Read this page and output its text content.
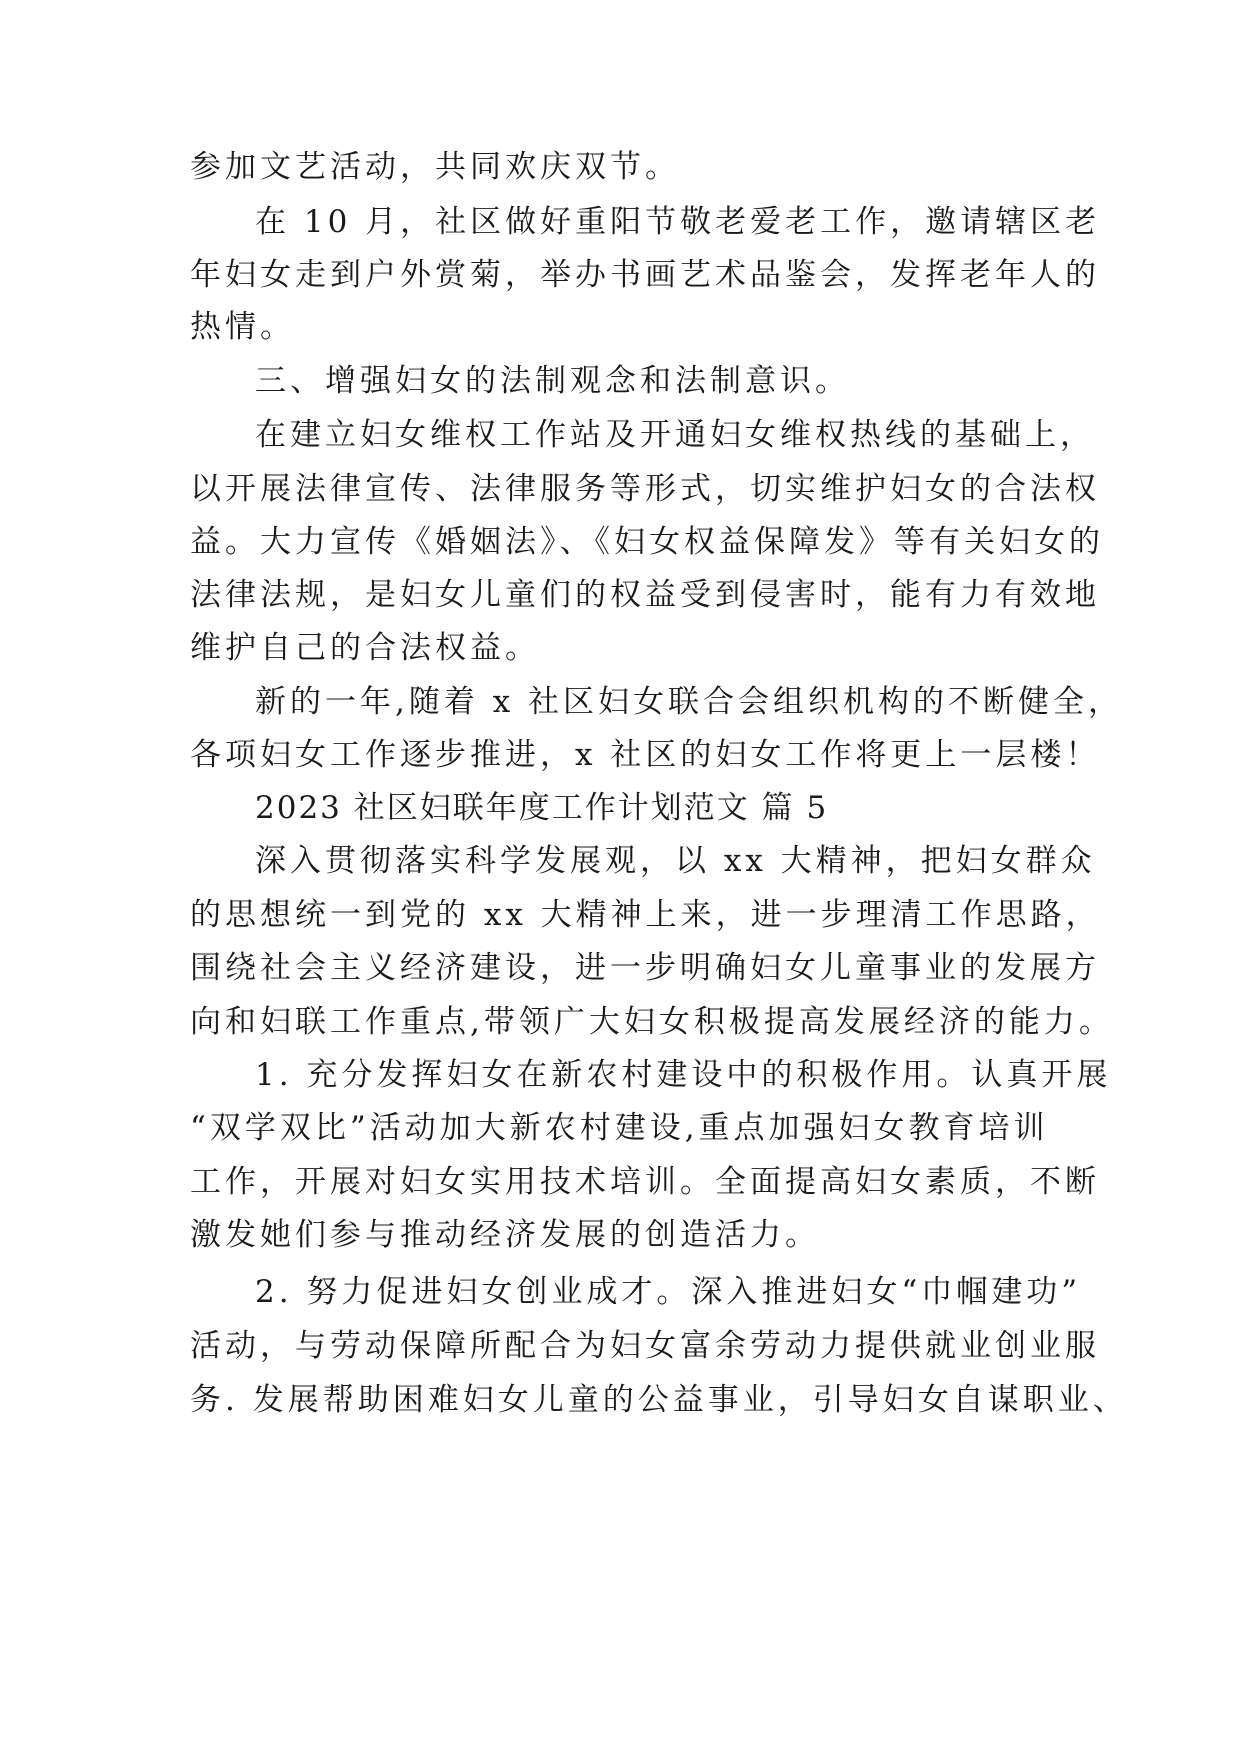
参加文艺活动，共同欢庆双节。
在 10 月，社区做好重阳节敬老爱老工作，邀请辖区老
年妇女走到户外赏菊，举办书画艺术品鉴会，发挥老年人的
热情。
三、增强妇女的法制观念和法制意识。
在建立妇女维权工作站及开通妇女维权热线的基础上，
以开展法律宣传、法律服务等形式，切实维护妇女的合法权
益。大力宣传《婚姻法》、《妇女权益保障发》等有关妇女的
法律法规，是妇女儿童们的权益受到侵害时，能有力有效地
维护自己的合法权益。
新的一年,随着 x 社区妇女联合会组织机构的不断健全，
各项妇女工作逐步推进，x 社区的妇女工作将更上一层楼！
2023 社区妇联年度工作计划范文 篇 5
深入贯彻落实科学发展观，以 xx 大精神，把妇女群众
的思想统一到党的 xx 大精神上来，进一步理清工作思路，
围绕社会主义经济建设，进一步明确妇女儿童事业的发展方
向和妇联工作重点,带领广大妇女积极提高发展经济的能力。
1. 充分发挥妇女在新农村建设中的积极作用。认真开展
“双学双比”活动加大新农村建设,重点加强妇女教育培训
工作，开展对妇女实用技术培训。全面提高妇女素质，不断
激发她们参与推动经济发展的创造活力。
2. 努力促进妇女创业成才。深入推进妇女“巾帼建功”
活动，与劳动保障所配合为妇女富余劳动力提供就业创业服
务. 发展帮助困难妇女儿童的公益事业，引导妇女自谋职业、
